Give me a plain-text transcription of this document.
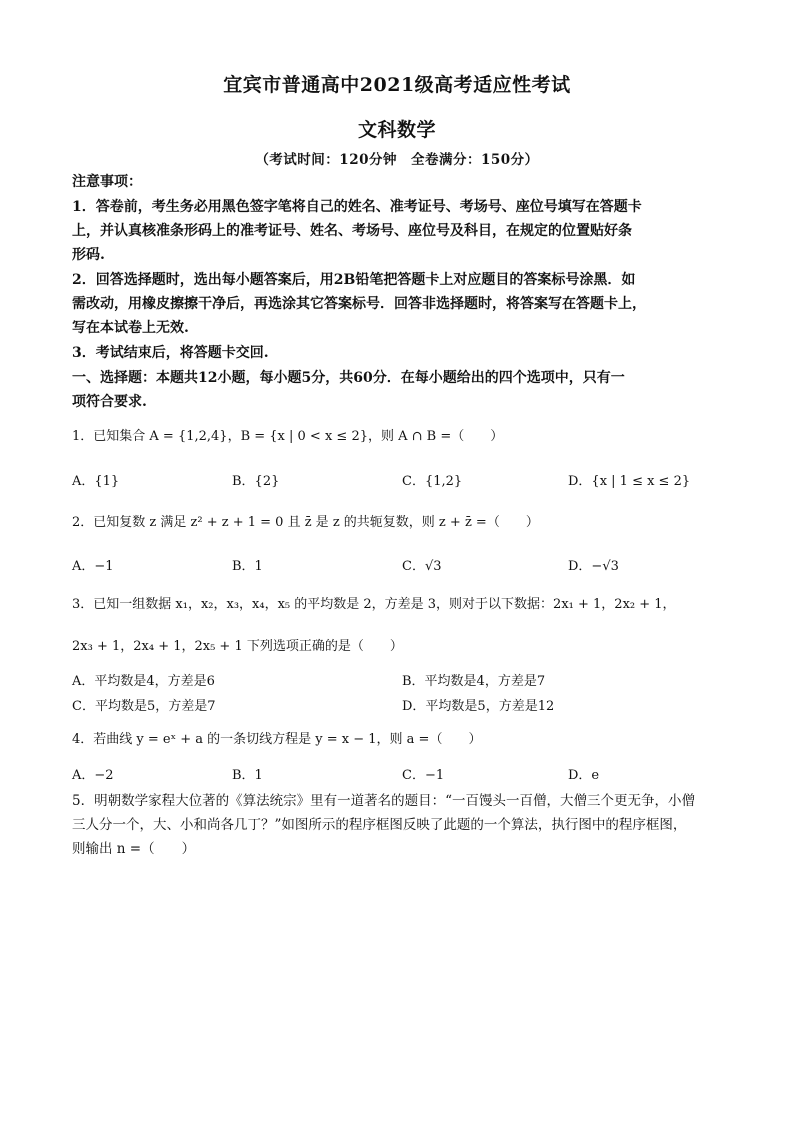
宜宾市普通高中2021级高考适应性考试
文科数学
（考试时间：120分钟　全卷满分：150分）
注意事项：
1．答卷前，考生务必用黑色签字笔将自己的姓名、准考证号、考场号、座位号填写在答题卡
上，并认真核准条形码上的准考证号、姓名、考场号、座位号及科目，在规定的位置贴好条
形码.
2．回答选择题时，选出每小题答案后，用2B铅笔把答题卡上对应题目的答案标号涂黑．如
需改动，用橡皮擦擦干净后，再选涂其它答案标号．回答非选择题时，将答案写在答题卡上，
写在本试卷上无效.
3．考试结束后，将答题卡交回.
一、选择题：本题共12小题，每小题5分，共60分．在每小题给出的四个选项中，只有一
项符合要求.
1．已知集合 A = {1,2,4}，B = {x | 0 < x ≤ 2}，则 A ∩ B =（　　）
A．{1}	B．{2}	C．{1,2}	D．{x | 1 ≤ x ≤ 2}
2．已知复数 z 满足 z² + z + 1 = 0 且 z̄ 是 z 的共轭复数，则 z + z̄ =（　　）
A．−1	B．1	C．√3	D．−√3
3．已知一组数据 x₁，x₂，x₃，x₄，x₅ 的平均数是 2，方差是 3，则对于以下数据：2x₁ + 1，2x₂ + 1，
2x₃ + 1，2x₄ + 1，2x₅ + 1 下列选项正确的是（　　）
A．平均数是4，方差是6	B．平均数是4，方差是7
C．平均数是5，方差是7	D．平均数是5，方差是12
4．若曲线 y = eˣ + a 的一条切线方程是 y = x − 1，则 a =（　　）
A．−2	B．1	C．−1	D．e
5．明朝数学家程大位著的《算法统宗》里有一道著名的题目：“一百馒头一百僧，大僧三个更无争，小僧
三人分一个，大、小和尚各几丁？”如图所示的程序框图反映了此题的一个算法，执行图中的程序框图，
则输出 n =（　　）
